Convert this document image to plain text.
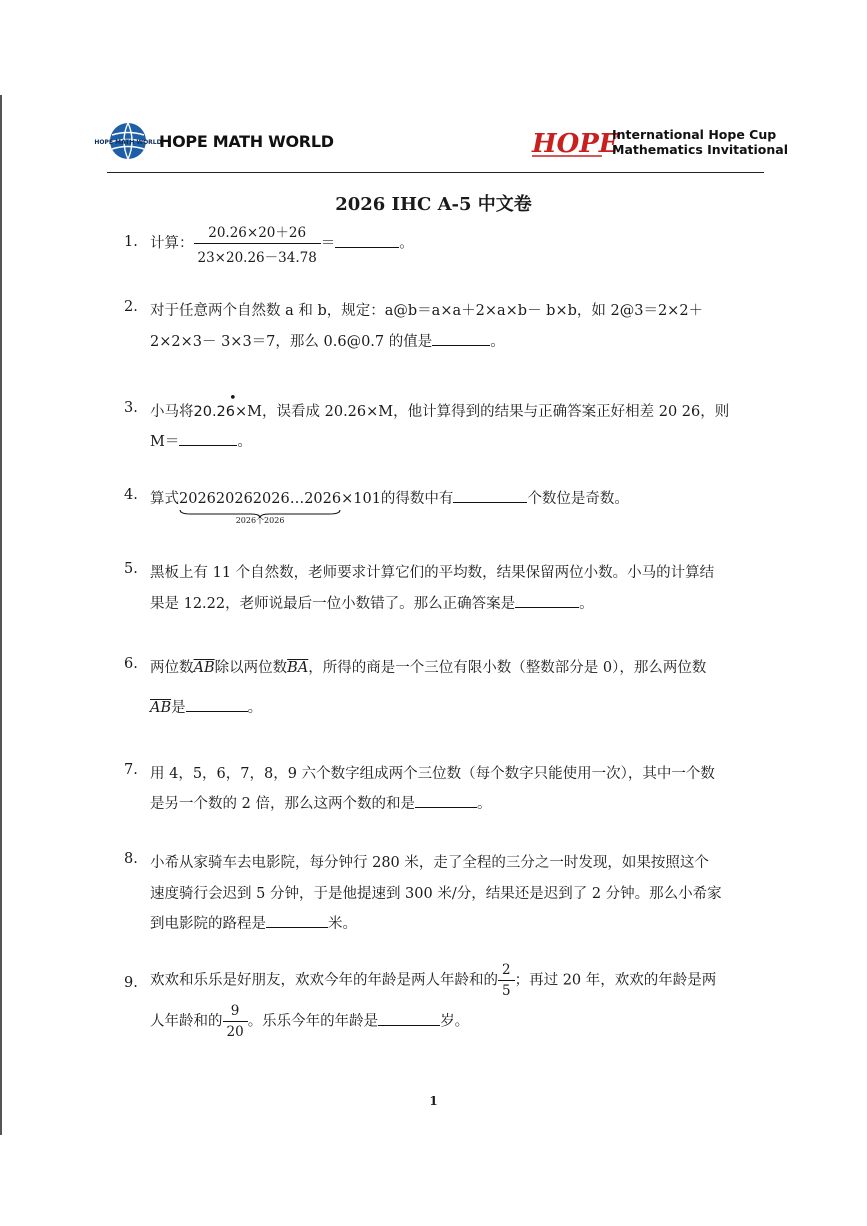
HOPE MATH WORLD
HOPE MATH WORLD	HOPE
International Hope Cup
Mathematics Invitational
2026 IHC A-5 中文卷
1. 计算： $\frac{20.26\times 20+26}{23\times 20.26-34.78}$ ＝	。
2. 对于任意两个自然数 a 和 b，规定：a@b＝a×a＋2×a×b－ b×b，如 2@3＝2×2＋
2×2×3－ 3×3＝7，那么 0.6@0.7 的值是	。
3. 小马将20.26
•
×M，误看成 20.26×M，他计算得到的结果与正确答案正好相差 20 26，则
M＝	。
4. 算式202620262026…2026
2026个2026
×101的得数中有	个数位是奇数。
5. 黑板上有 11 个自然数，老师要求计算它们的平均数，结果保留两位小数。小马的计算结
果是 12.22，老师说最后一位小数错了。那么正确答案是	。
6. 两位数$\overline{AB}$除以两位数$\overline{BA}$，所得的商是一个三位有限小数（整数部分是 0），那么两位数
$\overline{AB}$是	。
7. 用 4，5，6，7，8，9 六个数字组成两个三位数（每个数字只能使用一次），其中一个数
是另一个数的 2 倍，那么这两个数的和是	。
8. 小希从家骑车去电影院，每分钟行 280 米，走了全程的三分之一时发现，如果按照这个
速度骑行会迟到 5 分钟，于是他提速到 300 米/分，结果还是迟到了 2 分钟。那么小希家
到电影院的路程是	米。
9. 欢欢和乐乐是好朋友，欢欢今年的年龄是两人年龄和的 $\frac{2}{5}$ ；再过 20 年，欢欢的年龄是两
人年龄和的 $\frac{9}{20}$ 。乐乐今年的年龄是	岁。
1
